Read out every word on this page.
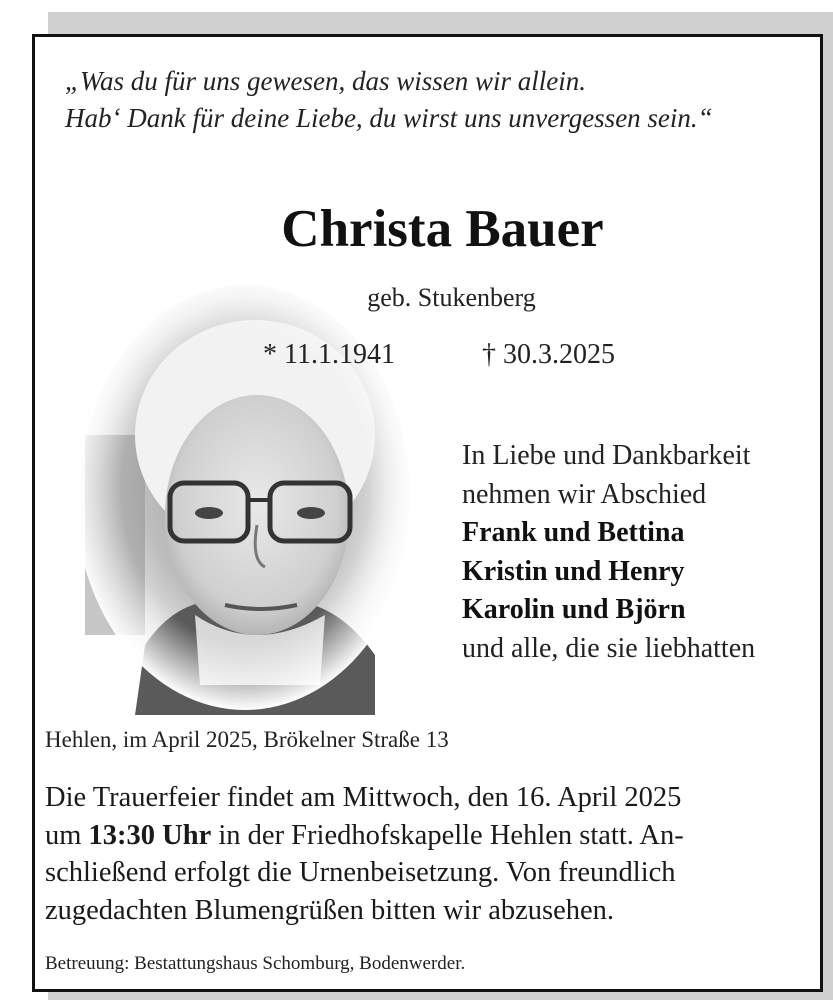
„Was du für uns gewesen, das wissen wir allein.
Hab‘ Dank für deine Liebe, du wirst uns unvergessen sein.“
Christa Bauer
geb. Stukenberg
* 11.1.1941	† 30.3.2025
In Liebe und Dankbarkeit
nehmen wir Abschied
Frank und Bettina
Kristin und Henry
Karolin und Björn
und alle, die sie liebhatten
Hehlen, im April 2025, Brökelner Straße 13
Die Trauerfeier findet am Mittwoch, den 16. April 2025
um 13:30 Uhr in der Friedhofskapelle Hehlen statt. An-
schließend erfolgt die Urnenbeisetzung. Von freundlich
zugedachten Blumengrüßen bitten wir abzusehen.
Betreuung: Bestattungshaus Schomburg, Bodenwerder.
